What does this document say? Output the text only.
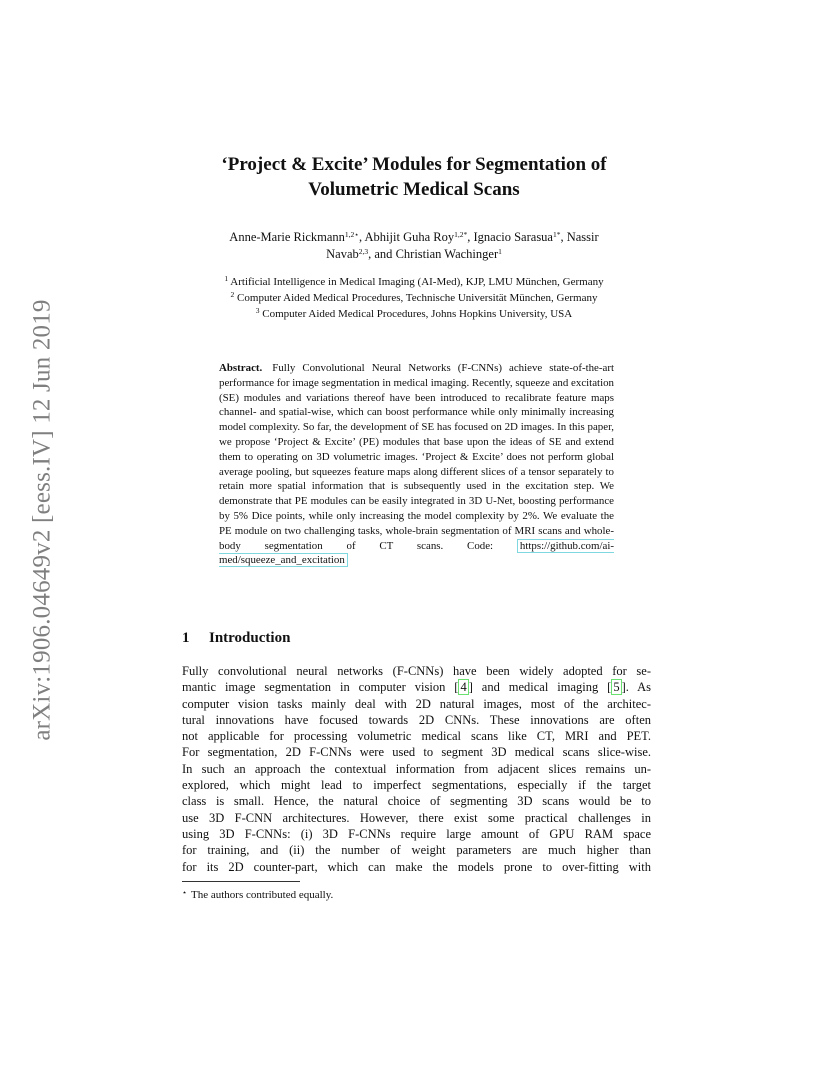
arXiv:1906.04649v2 [eess.IV] 12 Jun 2019
‘Project & Excite’ Modules for Segmentation of
Volumetric Medical Scans
Anne-Marie Rickmann$^{1,2⋆}$, Abhijit Guha Roy$^{1,2*}$, Ignacio Sarasua$^{1*}$, Nassir
Navab$^{2,3}$, and Christian Wachinger$^1$
$^1$ Artificial Intelligence in Medical Imaging (AI-Med), KJP, LMU München, Germany
$^2$ Computer Aided Medical Procedures, Technische Universität München, Germany
$^3$ Computer Aided Medical Procedures, Johns Hopkins University, USA

Abstract. Fully Convolutional Neural Networks (F-CNNs) achieve state-of-the-art performance for image segmentation in medical imaging. Recently, squeeze and excitation (SE) modules and variations thereof have been introduced to recalibrate feature maps channel- and spatial-wise, which can boost performance while only minimally increasing model complexity. So far, the development of SE has focused on 2D images. In this paper, we propose ‘Project & Excite’ (PE) modules that base upon the ideas of SE and extend them to operating on 3D volumetric images. ‘Project & Excite’ does not perform global average pooling, but squeezes feature maps along different slices of a tensor separately to retain more spatial information that is subsequently used in the excitation step. We demonstrate that PE modules can be easily integrated in 3D U-Net, boosting performance by 5% Dice points, while only increasing the model complexity by 2%. We evaluate the PE module on two challenging tasks, whole-brain segmentation of MRI scans and whole-body segmentation of CT scans. Code: https://github.com/ai-med/squeeze_and_excitation

1 Introduction
Fully convolutional neural networks (F-CNNs) have been widely adopted for se-
mantic image segmentation in computer vision [ 4 ] and medical imaging [ 5 ]. As
computer vision tasks mainly deal with 2D natural images, most of the architec-
tural innovations have focused towards 2D CNNs. These innovations are often
not applicable for processing volumetric medical scans like CT, MRI and PET.
For segmentation, 2D F-CNNs were used to segment 3D medical scans slice-wise.
In such an approach the contextual information from adjacent slices remains un-
explored, which might lead to imperfect segmentations, especially if the target
class is small. Hence, the natural choice of segmenting 3D scans would be to
use 3D F-CNN architectures. However, there exist some practical challenges in
using 3D F-CNNs: (i) 3D F-CNNs require large amount of GPU RAM space
for training, and (ii) the number of weight parameters are much higher than
for its 2D counter-part, which can make the models prone to over-fitting with
⋆ The authors contributed equally.
